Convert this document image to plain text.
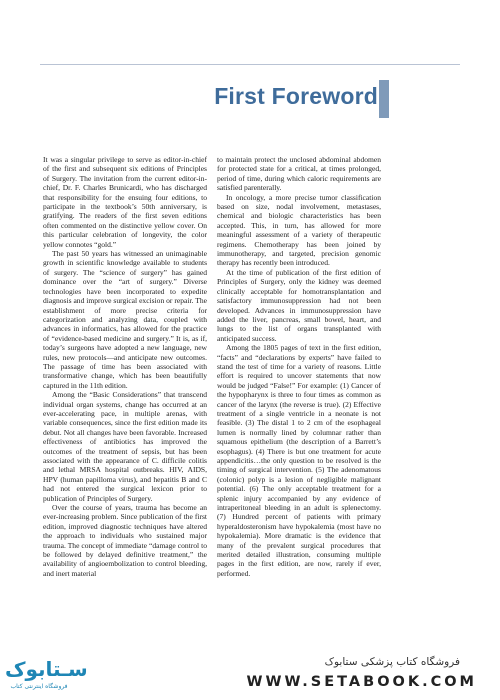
First Foreword

It was a singular privilege to serve as editor-in-chief of the first and subsequent six editions of Principles of Surgery. The invitation from the current editor-in-chief, Dr. F. Charles Brunicardi, who has discharged that responsibility for the ensuing four editions, to participate in the textbook’s 50th anniversary, is gratifying. The readers of the first seven editions often commented on the distinctive yellow cover. On this particular celebration of longevity, the color yellow connotes “gold.”

The past 50 years has witnessed an unimaginable growth in scientific knowledge available to students of surgery. The “science of surgery” has gained dominance over the “art of surgery.” Diverse technologies have been incorporated to expedite diagnosis and improve surgical excision or repair. The establishment of more precise criteria for categorization and analyzing data, coupled with advances in informatics, has allowed for the practice of “evidence-based medicine and surgery.” It is, as if, today’s surgeons have adopted a new language, new rules, new protocols—and anticipate new outcomes. The passage of time has been associated with transformative change, which has been beautifully captured in the 11th edition.

Among the “Basic Considerations” that transcend individual organ systems, change has occurred at an ever-accelerating pace, in multiple arenas, with variable consequences, since the first edition made its debut. Not all changes have been favorable. Increased effectiveness of antibiotics has improved the outcomes of the treatment of sepsis, but has been associated with the appearance of C. difficile colitis and lethal MRSA hospital outbreaks. HIV, AIDS, HPV (human papilloma virus), and hepatitis B and C had not entered the surgical lexicon prior to publication of Principles of Surgery.

Over the course of years, trauma has become an ever-increasing problem. Since publication of the first edition, improved diagnostic techniques have altered the approach to individuals who sustained major trauma. The concept of immediate “damage control to be followed by delayed definitive treatment,” the availability of angioembolization to control bleeding, and inert material

to maintain protect the unclosed abdominal abdomen for protected state for a critical, at times prolonged, period of time, during which caloric requirements are satisfied parenterally.

In oncology, a more precise tumor classification based on size, nodal involvement, metastases, chemical and biologic characteristics has been accepted. This, in turn, has allowed for more meaningful assessment of a variety of therapeutic regimens. Chemotherapy has been joined by immunotherapy, and targeted, precision genomic therapy has recently been introduced.

At the time of publication of the first edition of Principles of Surgery, only the kidney was deemed clinically acceptable for homotransplantation and satisfactory immunosuppression had not been developed. Advances in immunosuppression have added the liver, pancreas, small bowel, heart, and lungs to the list of organs transplanted with anticipated success.

Among the 1805 pages of text in the first edition, “facts” and “declarations by experts” have failed to stand the test of time for a variety of reasons. Little effort is required to uncover statements that now would be judged “False!” For example: (1) Cancer of the hypopharynx is three to four times as common as cancer of the larynx (the reverse is true). (2) Effective treatment of a single ventricle in a neonate is not feasible. (3) The distal 1 to 2 cm of the esophageal lumen is normally lined by columnar rather than squamous epithelium (the description of a Barrett’s esophagus). (4) There is but one treatment for acute appendicitis…the only question to be resolved is the timing of surgical intervention. (5) The adenomatous (colonic) polyp is a lesion of negligible malignant potential. (6) The only acceptable treatment for a splenic injury accompanied by any evidence of intraperitoneal bleeding in an adult is splenectomy. (7) Hundred percent of patients with primary hyperaldosteronism have hypokalemia (most have no hypokalemia). More dramatic is the evidence that many of the prevalent surgical procedures that merited detailed illustration, consuming multiple pages in the first edition, are now, rarely if ever, performed.

سـتابوک
فروشگاه اینترنتی کتاب
فروشگاه کتاب پزشکی ستابوک
WWW.SETABOOK.COM
